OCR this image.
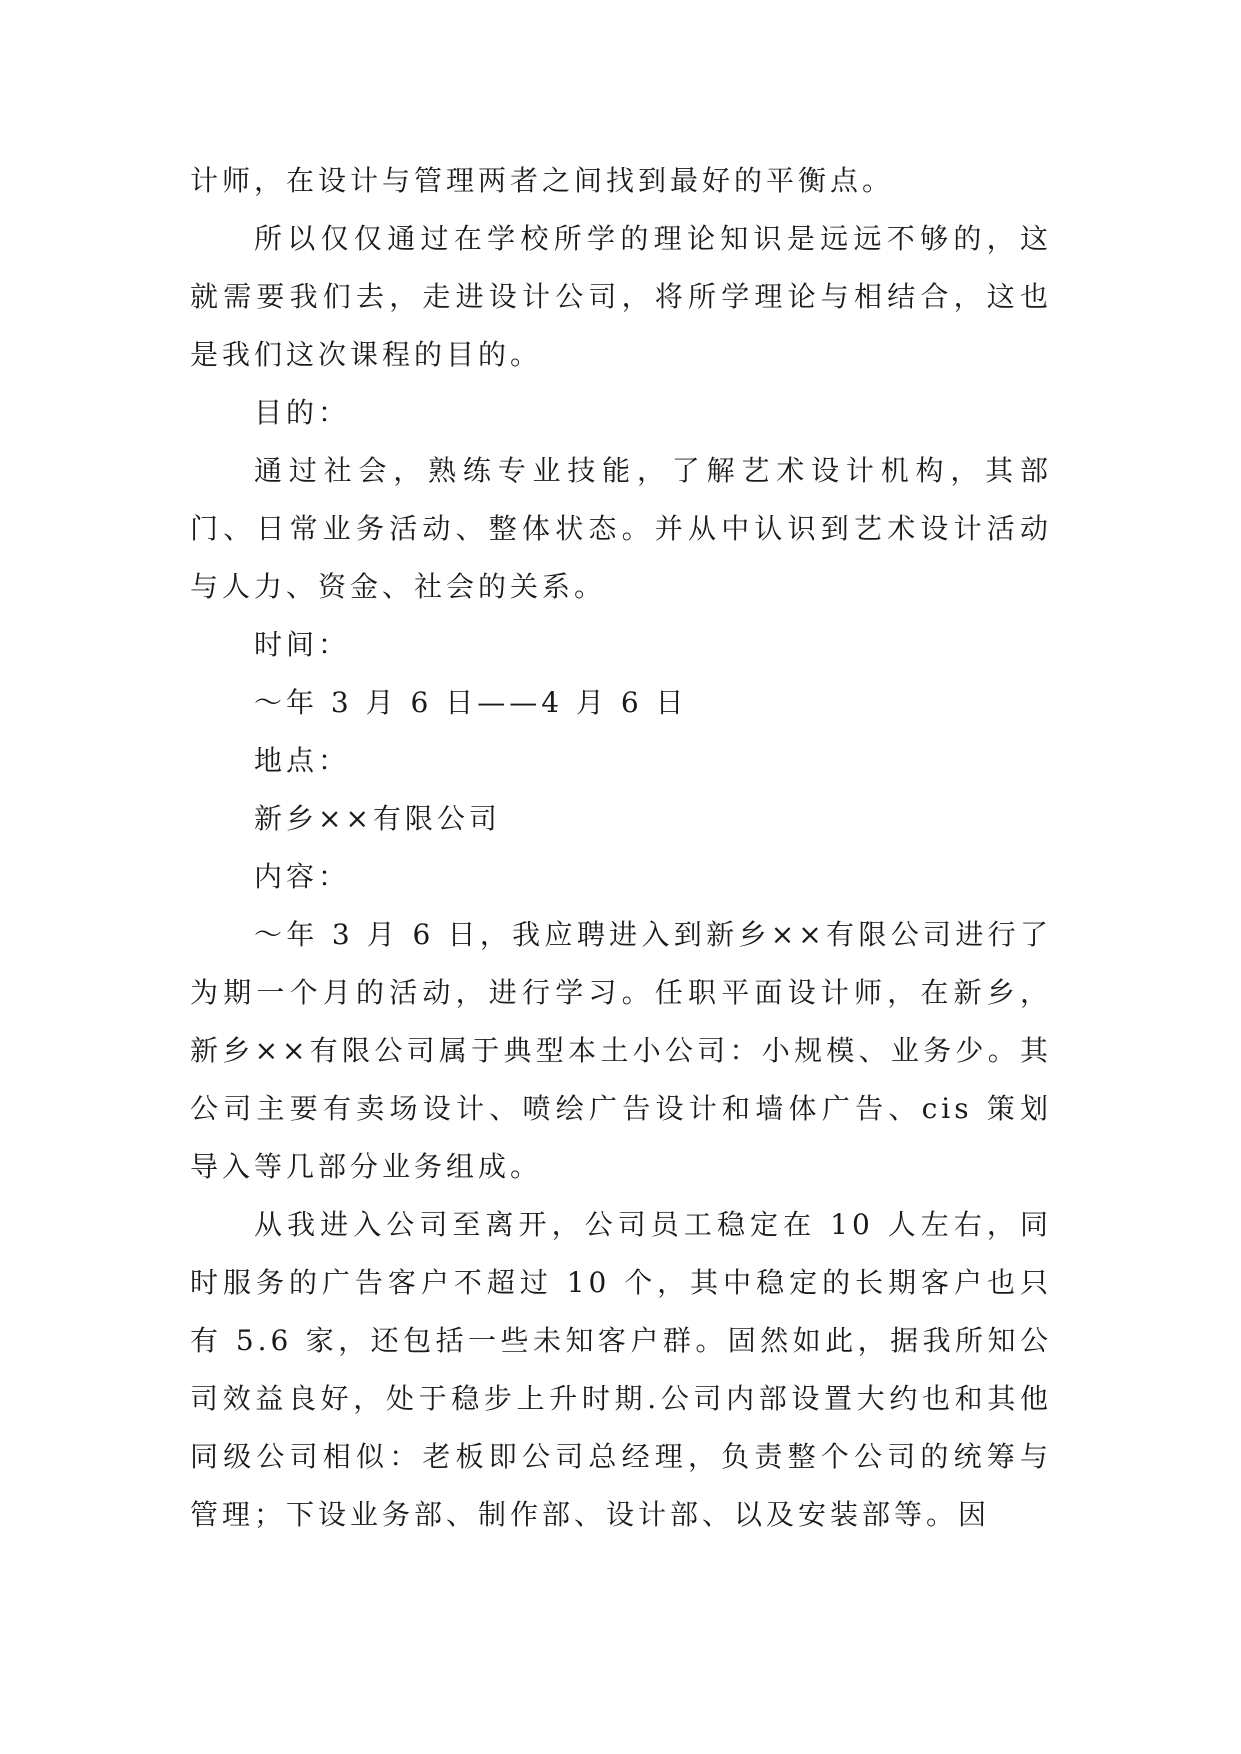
计师，在设计与管理两者之间找到最好的平衡点。

所以仅仅通过在学校所学的理论知识是远远不够的，这就需要我们去，走进设计公司，将所学理论与相结合，这也是我们这次课程的目的。

目的：

通过社会，熟练专业技能，了解艺术设计机构，其部门、日常业务活动、整体状态。并从中认识到艺术设计活动与人力、资金、社会的关系。

时间：

～年 3 月 6 日——4 月 6 日

地点：

新乡××有限公司

内容：

～年 3 月 6 日，我应聘进入到新乡××有限公司进行了为期一个月的活动，进行学习。任职平面设计师，在新乡，新乡××有限公司属于典型本土小公司：小规模、业务少。其公司主要有卖场设计、喷绘广告设计和墙体广告、cis 策划导入等几部分业务组成。

从我进入公司至离开，公司员工稳定在 10 人左右，同时服务的广告客户不超过 10 个，其中稳定的长期客户也只有 5.6 家，还包括一些未知客户群。固然如此，据我所知公司效益良好，处于稳步上升时期.公司内部设置大约也和其他同级公司相似：老板即公司总经理，负责整个公司的统筹与管理；下设业务部、制作部、设计部、以及安装部等。因
